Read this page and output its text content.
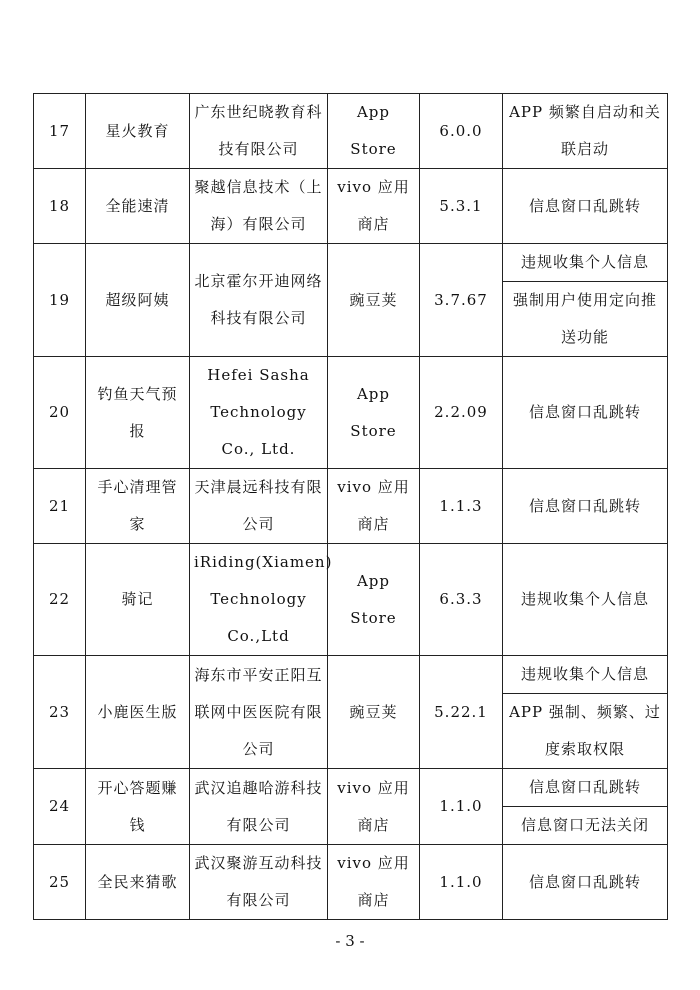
17	星火教育	广东世纪晓教育科技有限公司	App Store	6.0.0	APP 频繁自启动和关联启动
18	全能速清	聚越信息技术（上海）有限公司	vivo 应用商店	5.3.1	信息窗口乱跳转
19	超级阿姨	北京霍尔开迪网络科技有限公司	豌豆荚	3.7.67	违规收集个人信息
					强制用户使用定向推送功能
20	钓鱼天气预报	Hefei Sasha Technology Co., Ltd.	App Store	2.2.09	信息窗口乱跳转
21	手心清理管家	天津晨远科技有限公司	vivo 应用商店	1.1.3	信息窗口乱跳转
22	骑记	iRiding(Xiamen) Technology Co.,Ltd	App Store	6.3.3	违规收集个人信息
23	小鹿医生版	海东市平安正阳互联网中医医院有限公司	豌豆荚	5.22.1	违规收集个人信息
					APP 强制、频繁、过度索取权限
24	开心答题赚钱	武汉追趣哈游科技有限公司	vivo 应用商店	1.1.0	信息窗口乱跳转
					信息窗口无法关闭
25	全民来猜歌	武汉聚游互动科技有限公司	vivo 应用商店	1.1.0	信息窗口乱跳转
- 3 -
